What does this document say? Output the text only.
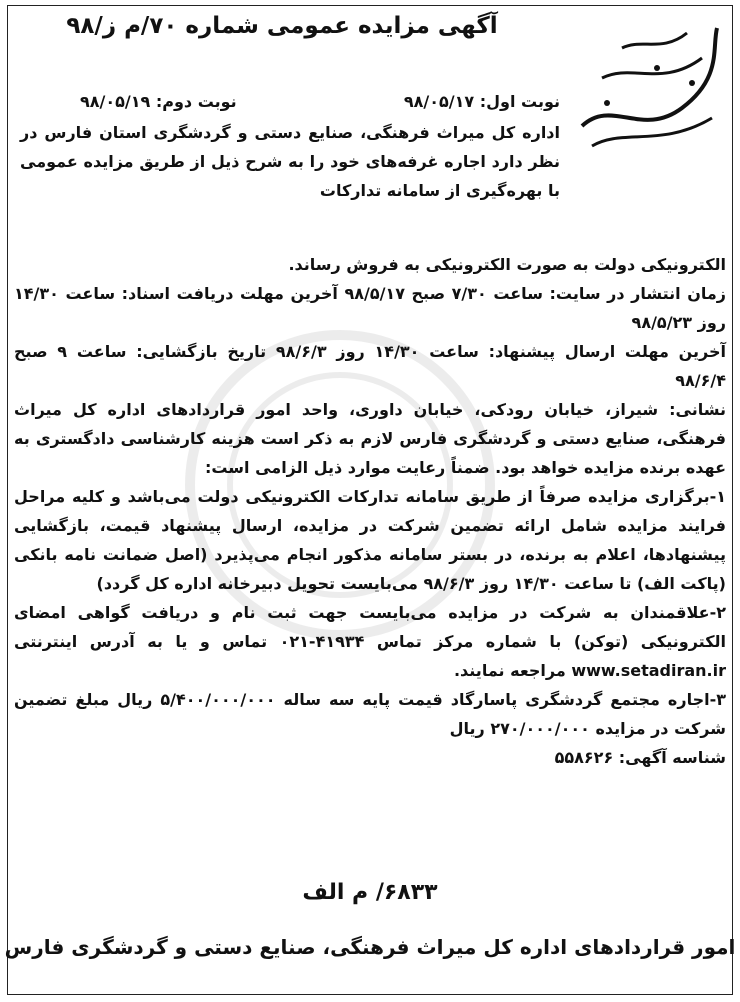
آگهی مزایده عمومی شماره ۷۰/م ز/۹۸
نوبت اول: ۹۸/۰۵/۱۷
نوبت دوم: ۹۸/۰۵/۱۹
اداره کل میراث فرهنگی، صنایع دستی و گردشگری استان فارس در نظر دارد اجاره غرفه‌های خود را به شرح ذیل از طریق مزایده عمومی با بهره‌گیری از سامانه تدارکات

الکترونیکی دولت به صورت الکترونیکی به فروش رساند.

زمان انتشار در سایت: ساعت ۷/۳۰ صبح ۹۸/۵/۱۷ آخرین مهلت دریافت اسناد: ساعت ۱۴/۳۰ روز ۹۸/۵/۲۳

آخرین مهلت ارسال پیشنهاد: ساعت ۱۴/۳۰ روز ۹۸/۶/۳ تاریخ بازگشایی: ساعت ۹ صبح ۹۸/۶/۴

نشانی: شیراز، خیابان رودکی، خیابان داوری، واحد امور قراردادهای اداره کل میراث فرهنگی، صنایع دستی و گردشگری فارس لازم به ذکر است هزینه کارشناسی دادگستری به عهده برنده مزایده خواهد بود. ضمناً رعایت موارد ذیل الزامی است:

۱-برگزاری مزایده صرفاً از طریق سامانه تدارکات الکترونیکی دولت می‌باشد و کلیه مراحل فرایند مزایده شامل ارائه تضمین شرکت در مزایده، ارسال پیشنهاد قیمت، بازگشایی پیشنهادها، اعلام به برنده، در بستر سامانه مذکور انجام می‌پذیرد (اصل ضمانت نامه بانکی (پاکت الف) تا ساعت ۱۴/۳۰ روز ۹۸/۶/۳ می‌بایست تحویل دبیرخانه اداره کل گردد)

۲-علاقمندان به شرکت در مزایده می‌بایست جهت ثبت نام و دریافت گواهی امضای الکترونیکی (توکن) با شماره مرکز تماس ۴۱۹۳۴-۰۲۱ تماس و یا به آدرس اینترنتی www.setadiran.ir مراجعه نمایند.

۳-اجاره مجتمع گردشگری پاسارگاد قیمت پایه سه ساله ۵/۴۰۰/۰۰۰/۰۰۰ ریال مبلغ تضمین شرکت در مزایده ۲۷۰/۰۰۰/۰۰۰ ریال

شناسه آگهی: ۵۵۸۶۲۶

۶۸۳۳/ م الف
امور قراردادهای اداره کل میراث فرهنگی، صنایع دستی و گردشگری فارس
